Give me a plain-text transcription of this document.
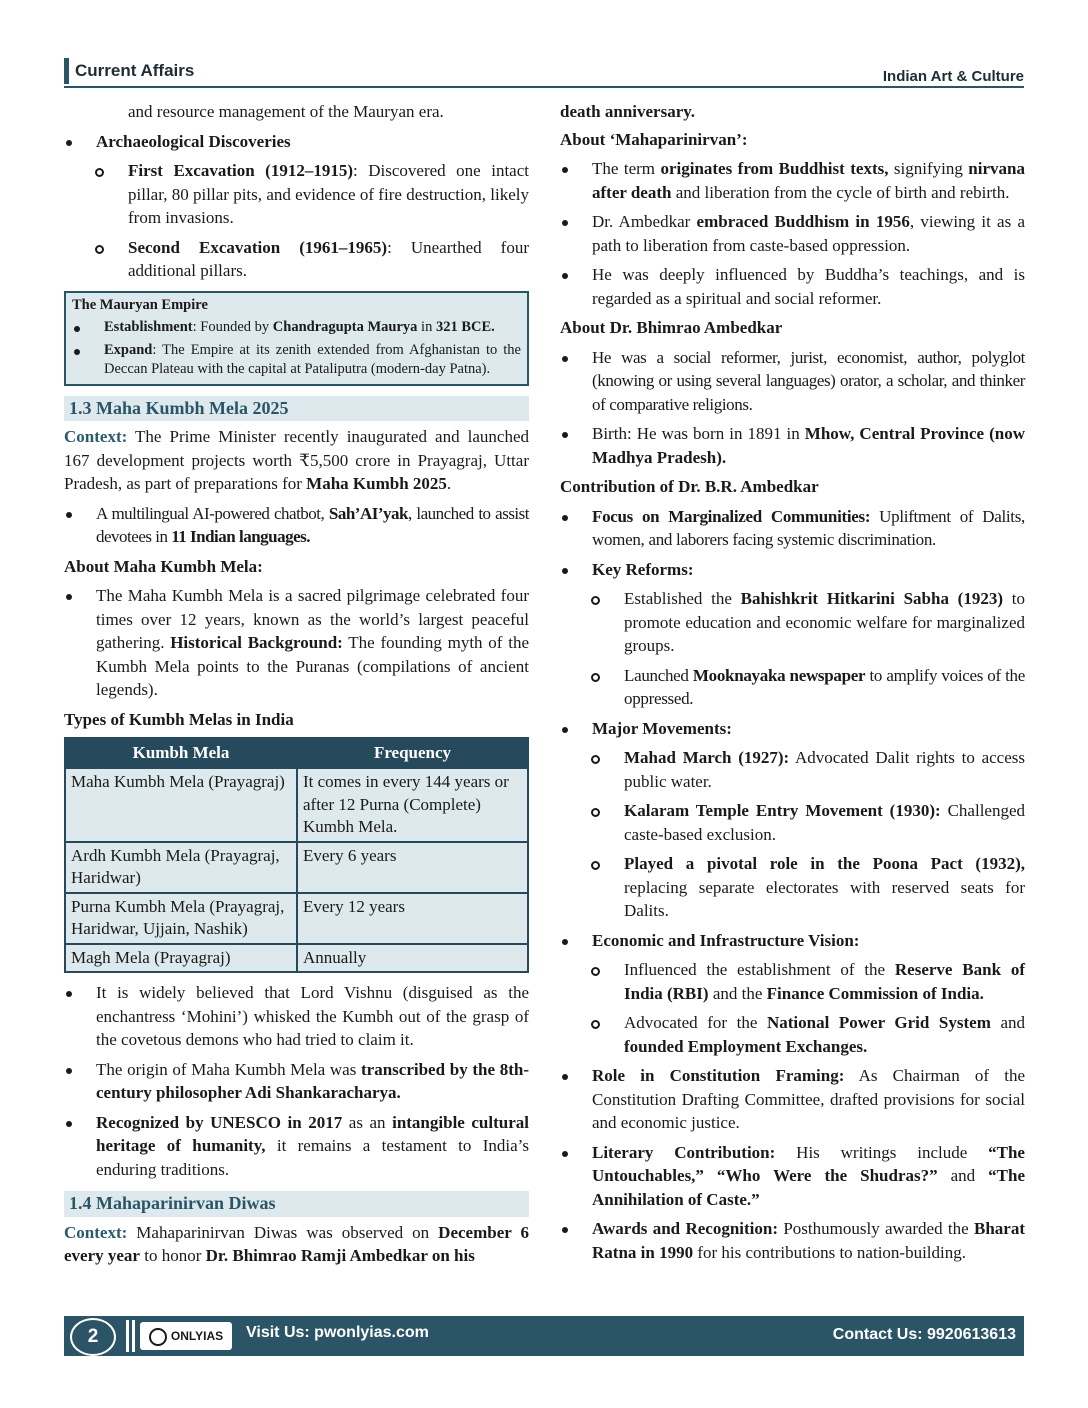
Current Affairs	Indian Art & Culture

and resource management of the Mauryan era.

Archaeological Discoveries
First Excavation (1912–1915): Discovered one intact pillar, 80 pillar pits, and evidence of fire destruction, likely from invasions.
Second Excavation (1961–1965): Unearthed four additional pillars.
The Mauryan Empire
Establishment: Founded by Chandragupta Maurya in 321 BCE.
Expand: The Empire at its zenith extended from Afghanistan to the Deccan Plateau with the capital at Pataliputra (modern-day Patna).
1.3 Maha Kumbh Mela 2025

Context: The Prime Minister recently inaugurated and launched 167 development projects worth ₹5,500 crore in Prayagraj, Uttar Pradesh, as part of preparations for Maha Kumbh 2025.

A multilingual AI-powered chatbot, Sah’AI’yak, launched to assist devotees in 11 Indian languages.
About Maha Kumbh Mela:
The Maha Kumbh Mela is a sacred pilgrimage celebrated four times over 12 years, known as the world’s largest peaceful gathering. Historical Background: The founding myth of the Kumbh Mela points to the Puranas (compilations of ancient legends).
Types of Kumbh Melas in India
Kumbh Mela	Frequency
Maha Kumbh Mela (Prayagraj)	It comes in every 144 years or after 12 Purna (Complete) Kumbh Mela.
Ardh Kumbh Mela (Prayagraj, Haridwar)	Every 6 years
Purna Kumbh Mela (Prayagraj, Haridwar, Ujjain, Nashik)	Every 12 years
Magh Mela (Prayagraj)	Annually
It is widely believed that Lord Vishnu (disguised as the enchantress ‘Mohini’) whisked the Kumbh out of the grasp of the covetous demons who had tried to claim it.
The origin of Maha Kumbh Mela was transcribed by the 8th-century philosopher Adi Shankaracharya.
Recognized by UNESCO in 2017 as an intangible cultural heritage of humanity, it remains a testament to India’s enduring traditions.
1.4 Mahaparinirvan Diwas

Context: Mahaparinirvan Diwas was observed on December 6 every year to honor Dr. Bhimrao Ramji Ambedkar on his

death anniversary.

About ‘Mahaparinirvan’:
The term originates from Buddhist texts, signifying nirvana after death and liberation from the cycle of birth and rebirth.
Dr. Ambedkar embraced Buddhism in 1956, viewing it as a path to liberation from caste-based oppression.
He was deeply influenced by Buddha’s teachings, and is regarded as a spiritual and social reformer.
About Dr. Bhimrao Ambedkar
He was a social reformer, jurist, economist, author, polyglot (knowing or using several languages) orator, a scholar, and thinker of comparative religions.
Birth: He was born in 1891 in Mhow, Central Province (now Madhya Pradesh).
Contribution of Dr. B.R. Ambedkar
Focus on Marginalized Communities: Upliftment of Dalits, women, and laborers facing systemic discrimination.
Key Reforms:
Established the Bahishkrit Hitkarini Sabha (1923) to promote education and economic welfare for marginalized groups.
Launched Mooknayaka newspaper to amplify voices of the oppressed.
Major Movements:
Mahad March (1927): Advocated Dalit rights to access public water.
Kalaram Temple Entry Movement (1930): Challenged caste-based exclusion.
Played a pivotal role in the Poona Pact (1932), replacing separate electorates with reserved seats for Dalits.
Economic and Infrastructure Vision:
Influenced the establishment of the Reserve Bank of India (RBI) and the Finance Commission of India.
Advocated for the National Power Grid System and founded Employment Exchanges.
Role in Constitution Framing: As Chairman of the Constitution Drafting Committee, drafted provisions for social and economic justice.
Literary Contribution: His writings include “The Untouchables,” “Who Were the Shudras?” and “The Annihilation of Caste.”
Awards and Recognition: Posthumously awarded the Bharat Ratna in 1990 for his contributions to nation-building.
2	ONLYIAS	Visit Us: pwonlyias.com	Contact Us: 9920613613
